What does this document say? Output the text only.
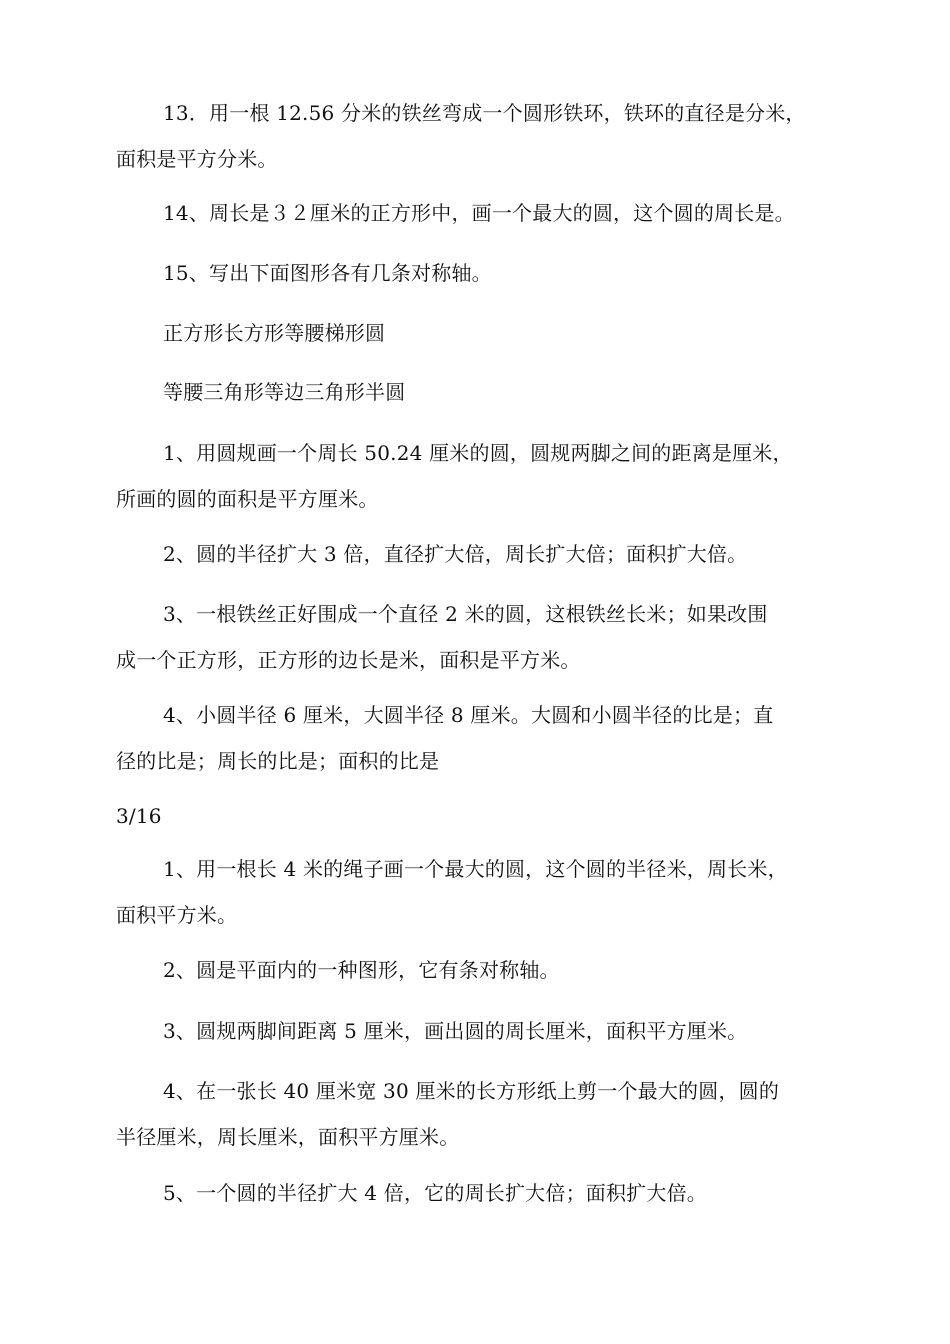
13．用一根 12.56 分米的铁丝弯成一个圆形铁环，铁环的直径是分米，
面积是平方分米。
14、周长是３２厘米的正方形中，画一个最大的圆，这个圆的周长是。
15、写出下面图形各有几条对称轴。
正方形长方形等腰梯形圆
等腰三角形等边三角形半圆
1、用圆规画一个周长 50.24 厘米的圆，圆规两脚之间的距离是厘米，
所画的圆的面积是平方厘米。
2、圆的半径扩大 3 倍，直径扩大倍，周长扩大倍；面积扩大倍。
3、一根铁丝正好围成一个直径 2 米的圆，这根铁丝长米；如果改围
成一个正方形，正方形的边长是米，面积是平方米。
4、小圆半径 6 厘米，大圆半径 8 厘米。大圆和小圆半径的比是；直
径的比是；周长的比是；面积的比是
3/16
1、用一根长 4 米的绳子画一个最大的圆，这个圆的半径米，周长米，
面积平方米。
2、圆是平面内的一种图形，它有条对称轴。
3、圆规两脚间距离 5 厘米，画出圆的周长厘米，面积平方厘米。
4、在一张长 40 厘米宽 30 厘米的长方形纸上剪一个最大的圆，圆的
半径厘米，周长厘米，面积平方厘米。
5、一个圆的半径扩大 4 倍，它的周长扩大倍；面积扩大倍。
